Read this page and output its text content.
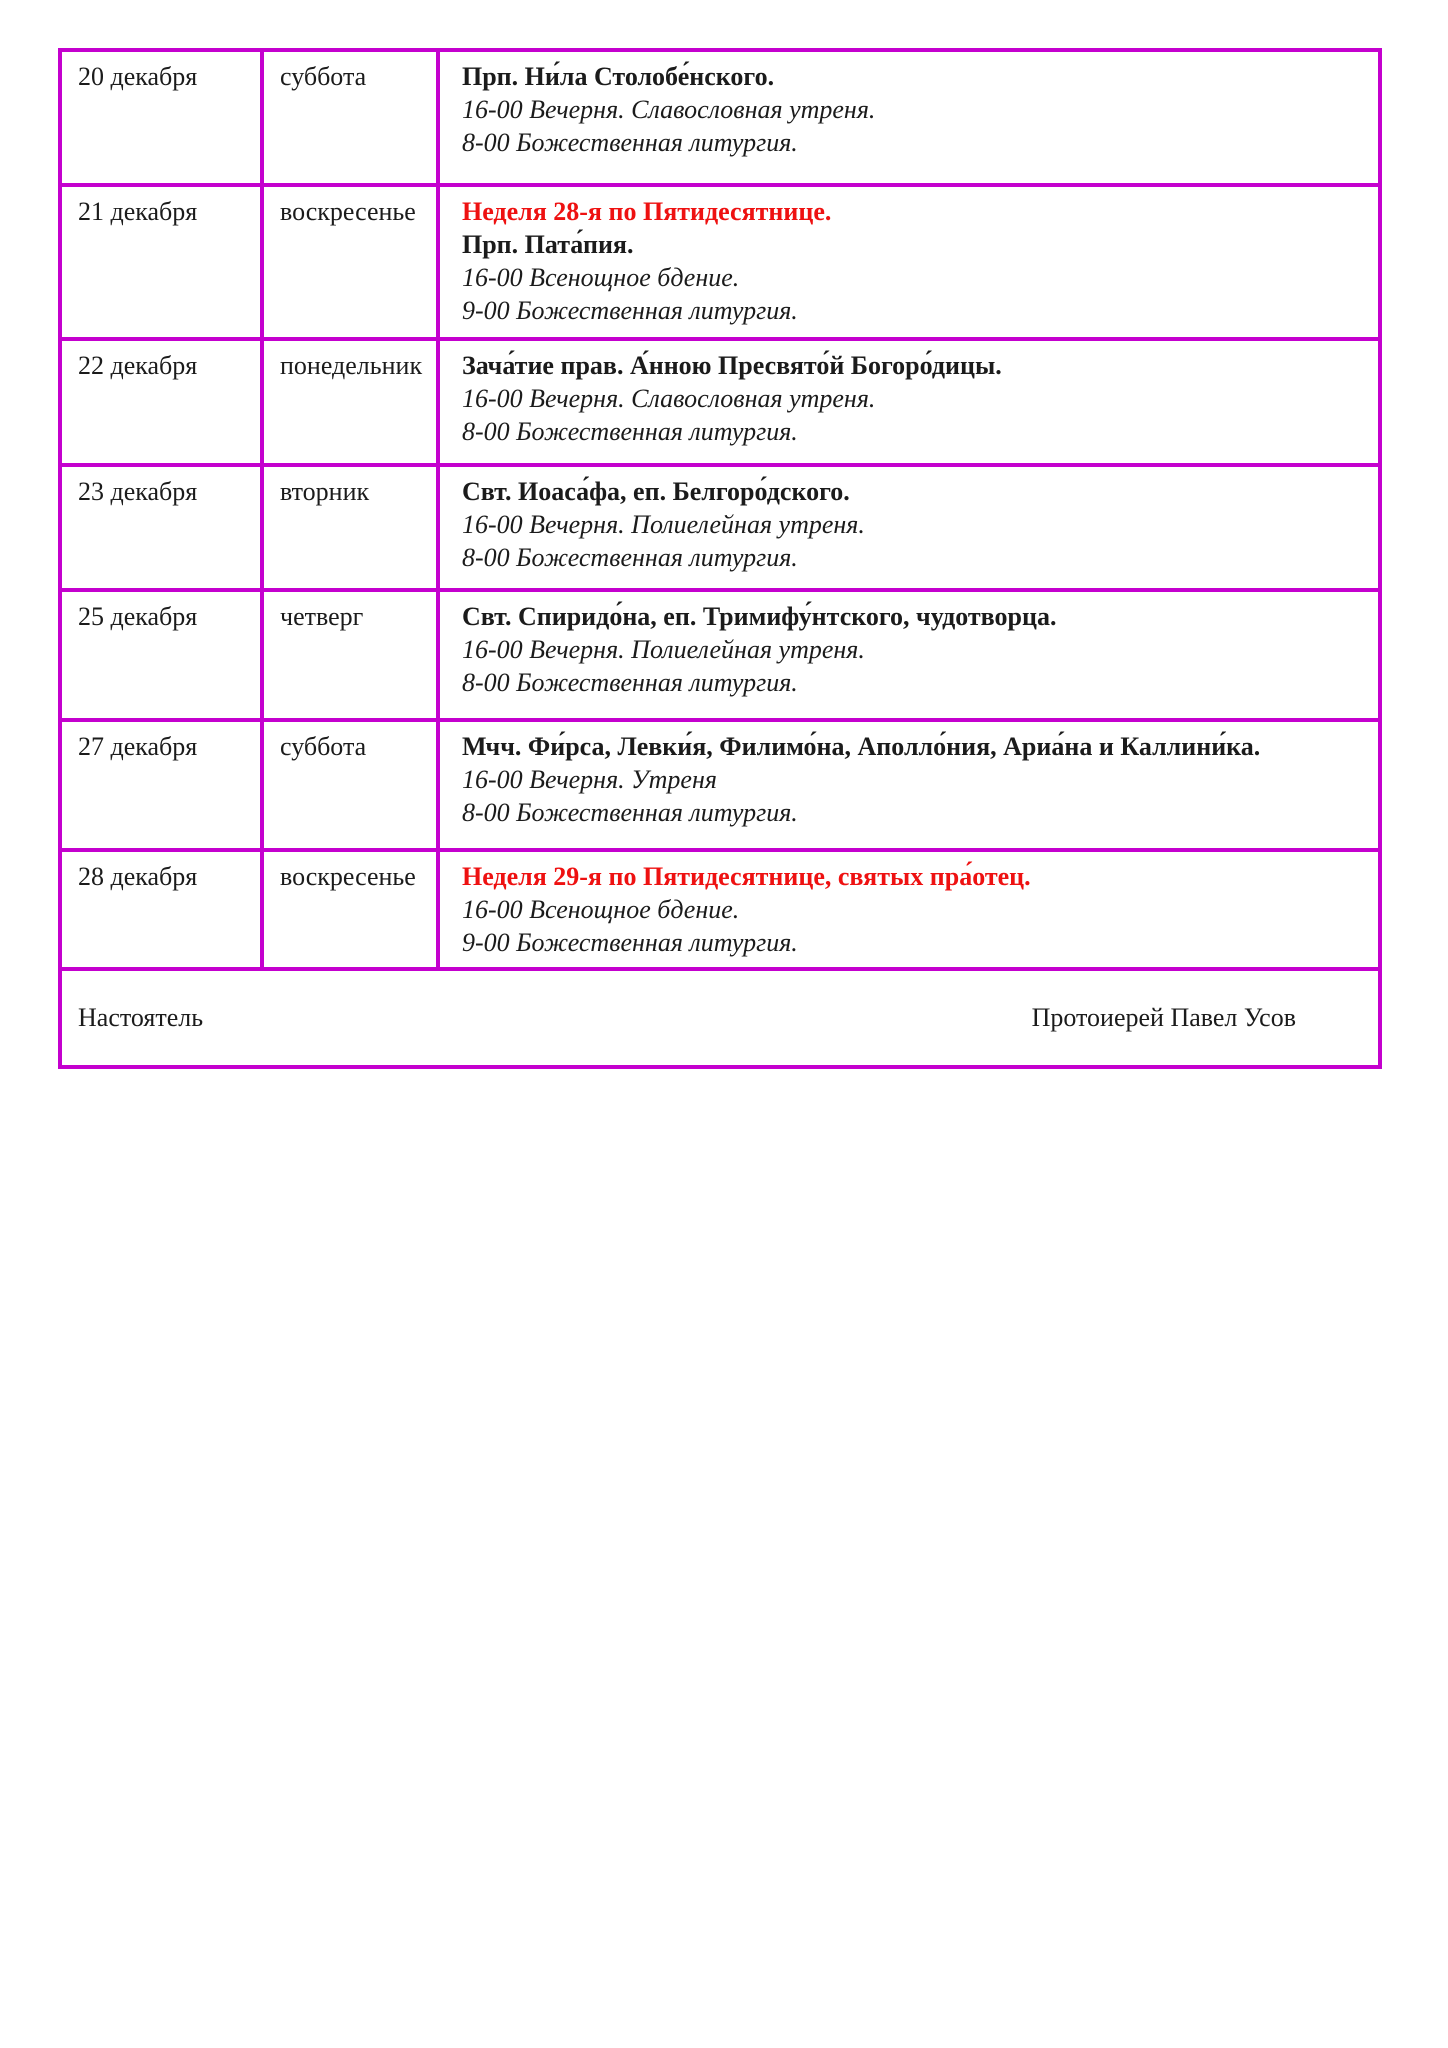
20 декабря	суббота	Прп. Ни́ла Столобе́нского.
16-00 Вечерня. Славословная утреня.
8-00 Божественная литургия.
21 декабря	воскресенье	Неделя 28-я по Пятидесятнице.
Прп. Пата́пия.
16-00 Всенощное бдение.
9-00 Божественная литургия.
22 декабря	понедельник	Зача́тие прав. А́нною Пресвято́й Богоро́дицы.
16-00 Вечерня. Славословная утреня.
8-00 Божественная литургия.
23 декабря	вторник	Свт. Иоаса́фа, еп. Белгоро́дского.
16-00 Вечерня. Полиелейная утреня.
8-00 Божественная литургия.
25 декабря	четверг	Свт. Спиридо́на, еп. Тримифу́нтского, чудотворца.
16-00 Вечерня. Полиелейная утреня.
8-00 Божественная литургия.
27 декабря	суббота	Мчч. Фи́рса, Левки́я, Филимо́на, Аполло́ния, Ариа́на и Каллини́ка.
16-00 Вечерня. Утреня
8-00 Божественная литургия.
28 декабря	воскресенье	Неделя 29-я по Пятидесятнице, святых пра́отец.
16-00 Всенощное бдение.
9-00 Божественная литургия.
Настоятель	Протоиерей Павел Усов
